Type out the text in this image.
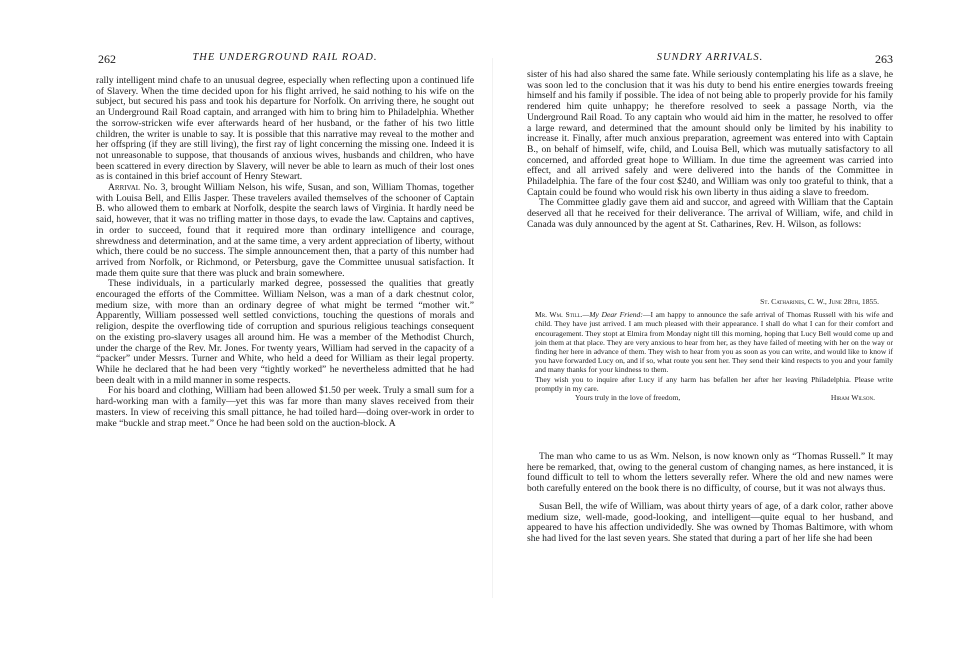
262	THE UNDERGROUND RAIL ROAD.

rally intelligent mind chafe to an unusual degree, especially when reflecting upon a continued life of Slavery. When the time decided upon for his flight arrived, he said nothing to his wife on the subject, but secured his pass and took his departure for Norfolk. On arriving there, he sought out an Underground Rail Road captain, and arranged with him to bring him to Philadelphia. Whether the sorrow-stricken wife ever afterwards heard of her husband, or the father of his two little children, the writer is unable to say. It is possible that this narrative may reveal to the mother and her offspring (if they are still living), the first ray of light concerning the missing one. Indeed it is not unreasonable to suppose, that thousands of anxious wives, husbands and children, who have been scattered in every direction by Slavery, will never be able to learn as much of their lost ones as is contained in this brief account of Henry Stewart.

Arrival No. 3, brought William Nelson, his wife, Susan, and son, William Thomas, together with Louisa Bell, and Ellis Jasper. These travelers availed themselves of the schooner of Captain B. who allowed them to embark at Norfolk, despite the search laws of Virginia. It hardly need be said, however, that it was no trifling matter in those days, to evade the law. Captains and captives, in order to succeed, found that it required more than ordinary intelligence and courage, shrewdness and determination, and at the same time, a very ardent appreciation of liberty, without which, there could be no success. The simple announcement then, that a party of this number had arrived from Norfolk, or Richmond, or Petersburg, gave the Committee unusual satisfaction. It made them quite sure that there was pluck and brain somewhere.

These individuals, in a particularly marked degree, possessed the qualities that greatly encouraged the efforts of the Committee. William Nelson, was a man of a dark chestnut color, medium size, with more than an ordinary degree of what might be termed “mother wit.” Apparently, William possessed well settled convictions, touching the questions of morals and religion, despite the overflowing tide of corruption and spurious religious teachings consequent on the existing pro-slavery usages all around him. He was a member of the Methodist Church, under the charge of the Rev. Mr. Jones. For twenty years, William had served in the capacity of a “packer” under Messrs. Turner and White, who held a deed for William as their legal property. While he declared that he had been very “tightly worked” he nevertheless admitted that he had been dealt with in a mild manner in some respects.

For his board and clothing, William had been allowed $1.50 per week. Truly a small sum for a hard-working man with a family—yet this was far more than many slaves received from their masters. In view of receiving this small pittance, he had toiled hard—doing over-work in order to make “buckle and strap meet.” Once he had been sold on the auction-block. A

SUNDRY ARRIVALS.	263

sister of his had also shared the same fate. While seriously contemplating his life as a slave, he was soon led to the conclusion that it was his duty to bend his entire energies towards freeing himself and his family if possible. The idea of not being able to properly provide for his family rendered him quite unhappy; he therefore resolved to seek a passage North, via the Underground Rail Road. To any captain who would aid him in the matter, he resolved to offer a large reward, and determined that the amount should only be limited by his inability to increase it. Finally, after much anxious preparation, agreement was entered into with Captain B., on behalf of himself, wife, child, and Louisa Bell, which was mutually satisfactory to all concerned, and afforded great hope to William. In due time the agreement was carried into effect, and all arrived safely and were delivered into the hands of the Committee in Philadelphia. The fare of the four cost $240, and William was only too grateful to think, that a Captain could be found who would risk his own liberty in thus aiding a slave to freedom.

The Committee gladly gave them aid and succor, and agreed with William that the Captain deserved all that he received for their deliverance. The arrival of William, wife, and child in Canada was duly announced by the agent at St. Catharines, Rev. H. Wilson, as follows:

St. Catharines, C. W., June 28th, 1855.

Mr. Wm. Still.—My Dear Friend:—I am happy to announce the safe arrival of Thomas Russell with his wife and child. They have just arrived. I am much pleased with their appearance. I shall do what I can for their comfort and encouragement. They stopt at Elmira from Monday night till this morning, hoping that Lucy Bell would come up and join them at that place. They are very anxious to hear from her, as they have failed of meeting with her on the way or finding her here in advance of them. They wish to hear from you as soon as you can write, and would like to know if you have forwarded Lucy on, and if so, what route you sent her. They send their kind respects to you and your family and many thanks for your kindness to them.

They wish you to inquire after Lucy if any harm has befallen her after her leaving Philadelphia. Please write promptly in my care.

Yours truly in the love of freedom,	Hiram Wilson.

The man who came to us as Wm. Nelson, is now known only as “Thomas Russell.” It may here be remarked, that, owing to the general custom of changing names, as here instanced, it is found difficult to tell to whom the letters severally refer. Where the old and new names were both carefully entered on the book there is no difficulty, of course, but it was not always thus.

Susan Bell, the wife of William, was about thirty years of age, of a dark color, rather above medium size, well-made, good-looking, and intelligent—quite equal to her husband, and appeared to have his affection undividedly. She was owned by Thomas Baltimore, with whom she had lived for the last seven years. She stated that during a part of her life she had been
